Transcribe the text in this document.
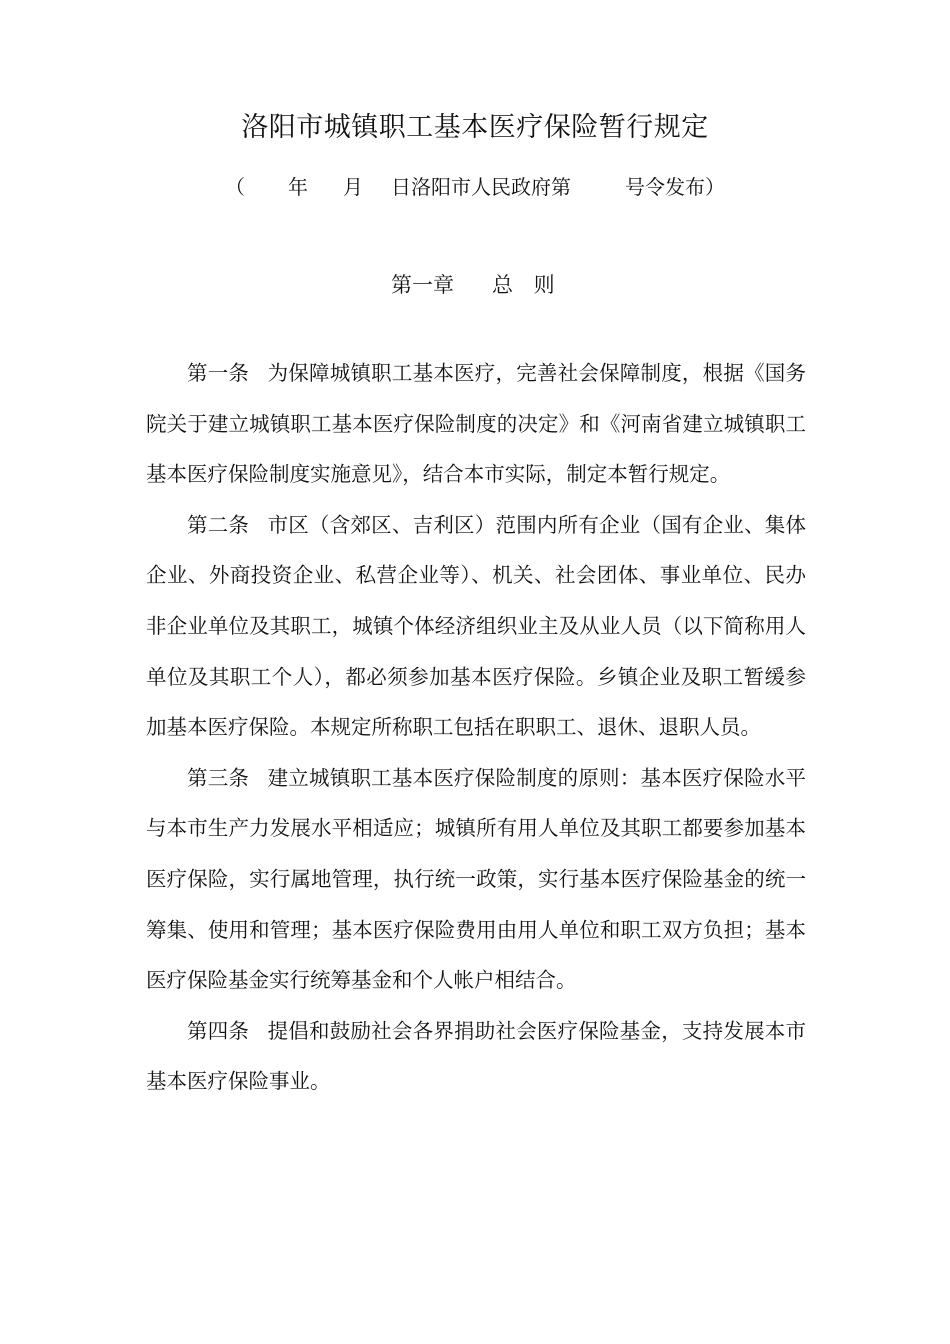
洛阳市城镇职工基本医疗保险暂行规定
（ 年 月 日洛阳市人民政府第	号令发布）
第一章 总 则

第一条 为保障城镇职工基本医疗，完善社会保障制度，根据《国务院关于建立城镇职工基本医疗保险制度的决定》和《河南省建立城镇职工基本医疗保险制度实施意见》，结合本市实际，制定本暂行规定。

第二条 市区（含郊区、吉利区）范围内所有企业（国有企业、集体企业、外商投资企业、私营企业等）、机关、社会团体、事业单位、民办非企业单位及其职工，城镇个体经济组织业主及从业人员（以下简称用人单位及其职工个人），都必须参加基本医疗保险。乡镇企业及职工暂缓参加基本医疗保险。本规定所称职工包括在职职工、退休、退职人员。

第三条 建立城镇职工基本医疗保险制度的原则：基本医疗保险水平与本市生产力发展水平相适应；城镇所有用人单位及其职工都要参加基本医疗保险，实行属地管理，执行统一政策，实行基本医疗保险基金的统一筹集、使用和管理；基本医疗保险费用由用人单位和职工双方负担；基本医疗保险基金实行统筹基金和个人帐户相结合。

第四条 提倡和鼓励社会各界捐助社会医疗保险基金，支持发展本市基本医疗保险事业。
